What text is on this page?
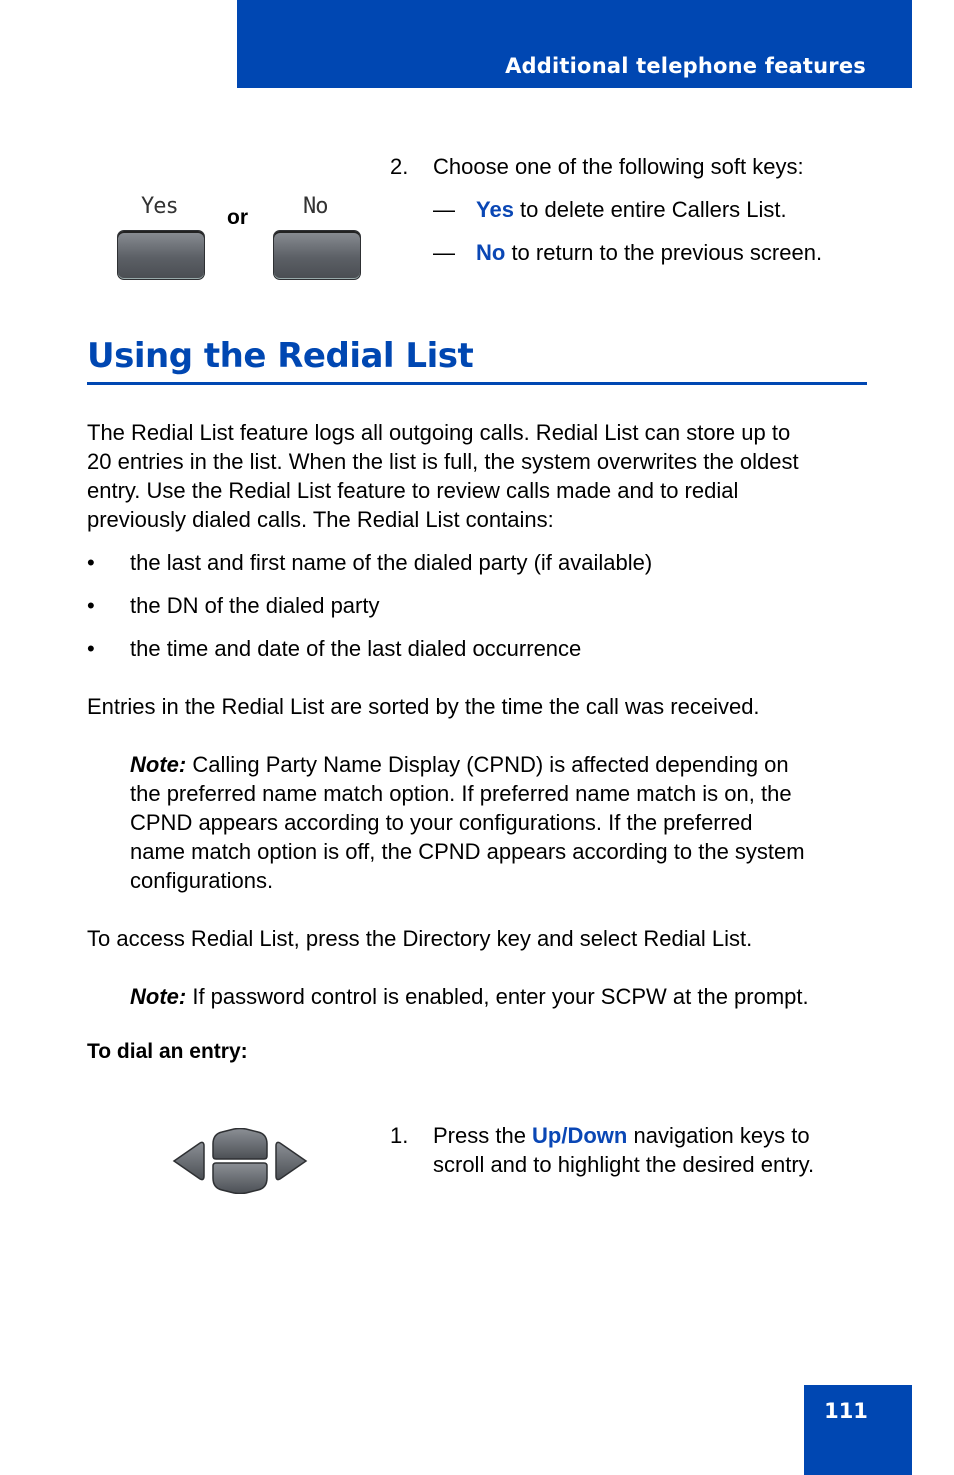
Additional telephone features
Yes or	No
2. Choose one of the following soft keys:
— Yes to delete entire Callers List.
— No to return to the previous screen.
Using the Redial List
The Redial List feature logs all outgoing calls. Redial List can store up to
20 entries in the list. When the list is full, the system overwrites the oldest
entry. Use the Redial List feature to review calls made and to redial
previously dialed calls. The Redial List contains:
• the last and first name of the dialed party (if available)
• the DN of the dialed party
• the time and date of the last dialed occurrence
Entries in the Redial List are sorted by the time the call was received.
Note: Calling Party Name Display (CPND) is affected depending on
the preferred name match option. If preferred name match is on, the
CPND appears according to your configurations. If the preferred
name match option is off, the CPND appears according to the system
configurations.
To access Redial List, press the Directory key and select Redial List.
Note: If password control is enabled, enter your SCPW at the prompt.
To dial an entry:
1. Press the Up/Down navigation keys to
scroll and to highlight the desired entry.
111
